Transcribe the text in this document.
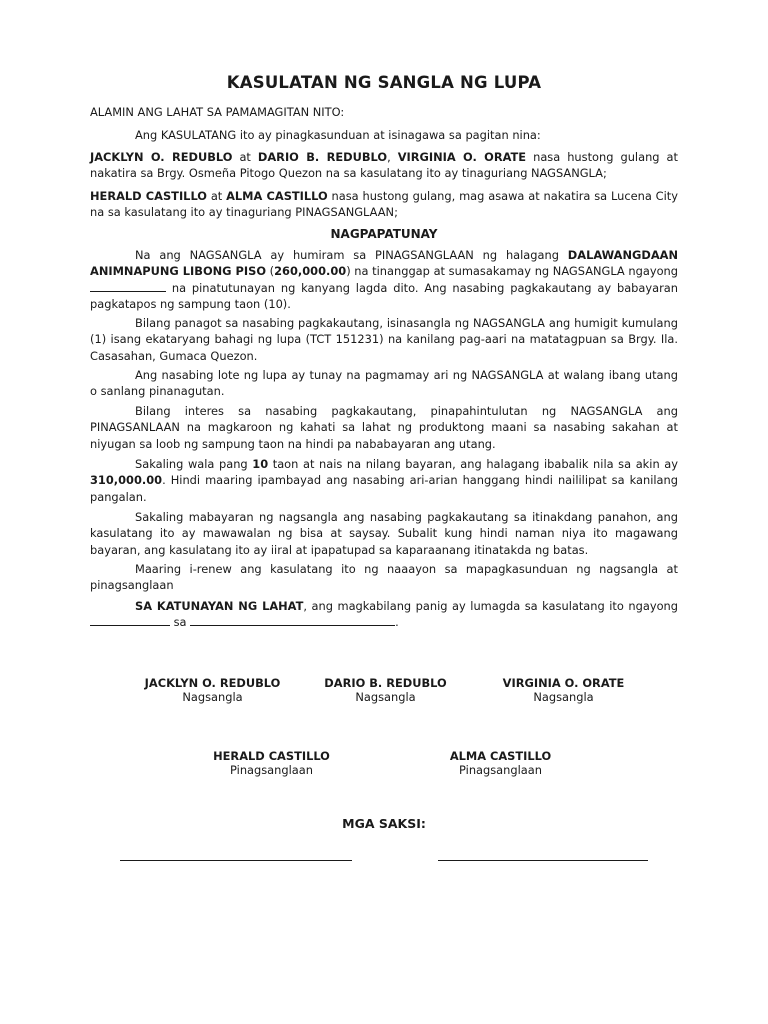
KASULATAN NG SANGLA NG LUPA
ALAMIN ANG LAHAT SA PAMAMAGITAN NITO:
Ang KASULATANG ito ay pinagkasunduan at isinagawa sa pagitan nina:
JACKLYN O. REDUBLO at DARIO B. REDUBLO, VIRGINIA O. ORATE nasa hustong gulang at nakatira sa Brgy. Osmeña Pitogo Quezon na sa kasulatang ito ay tinaguriang NAGSANGLA;
HERALD CASTILLO at ALMA CASTILLO nasa hustong gulang, mag asawa at nakatira sa Lucena City na sa kasulatang ito ay tinaguriang PINAGSANGLAAN;
NAGPAPATUNAY
Na ang NAGSANGLA ay humiram sa PINAGSANGLAAN ng halagang DALAWANGDAAN ANIMNAPUNG LIBONG PISO (260,000.00) na tinanggap at sumasakamay ng NAGSANGLA ngayong  na pinatutunayan ng kanyang lagda dito. Ang nasabing pagkakautang ay babayaran pagkatapos ng sampung taon (10).
Bilang panagot sa nasabing pagkakautang, isinasangla ng NAGSANGLA ang humigit kumulang (1) isang ekataryang bahagi ng lupa (TCT 151231) na kanilang pag-aari na matatagpuan sa Brgy. Ila. Casasahan, Gumaca Quezon.
Ang nasabing lote ng lupa ay tunay na pagmamay ari ng NAGSANGLA at walang ibang utang o sanlang pinanagutan.
Bilang interes sa nasabing pagkakautang, pinapahintulutan ng NAGSANGLA ang PINAGSANLAAN na magkaroon ng kahati sa lahat ng produktong maani sa nasabing sakahan at niyugan sa loob ng sampung taon na hindi pa nababayaran ang utang.
Sakaling wala pang 10 taon at nais na nilang bayaran, ang halagang ibabalik nila sa akin ay 310,000.00. Hindi maaring ipambayad ang nasabing ari-arian hanggang hindi naililipat sa kanilang pangalan.
Sakaling mabayaran ng nagsangla ang nasabing pagkakautang sa itinakdang panahon, ang kasulatang ito ay mawawalan ng bisa at saysay. Subalit kung hindi naman niya ito magawang bayaran, ang kasulatang ito ay iiral at ipapatupad sa kaparaanang itinatakda ng batas.
Maaring i-renew ang kasulatang ito ng naaayon sa mapagkasunduan ng nagsangla at pinagsanglaan
SA KATUNAYAN NG LAHAT, ang magkabilang panig ay lumagda sa kasulatang ito ngayong  sa	.
JACKLYN O. REDUBLO
Nagsangla
DARIO B. REDUBLO
Nagsangla
VIRGINIA O. ORATE
Nagsangla
HERALD CASTILLO
Pinagsanglaan
ALMA CASTILLO
Pinagsanglaan
MGA SAKSI:
